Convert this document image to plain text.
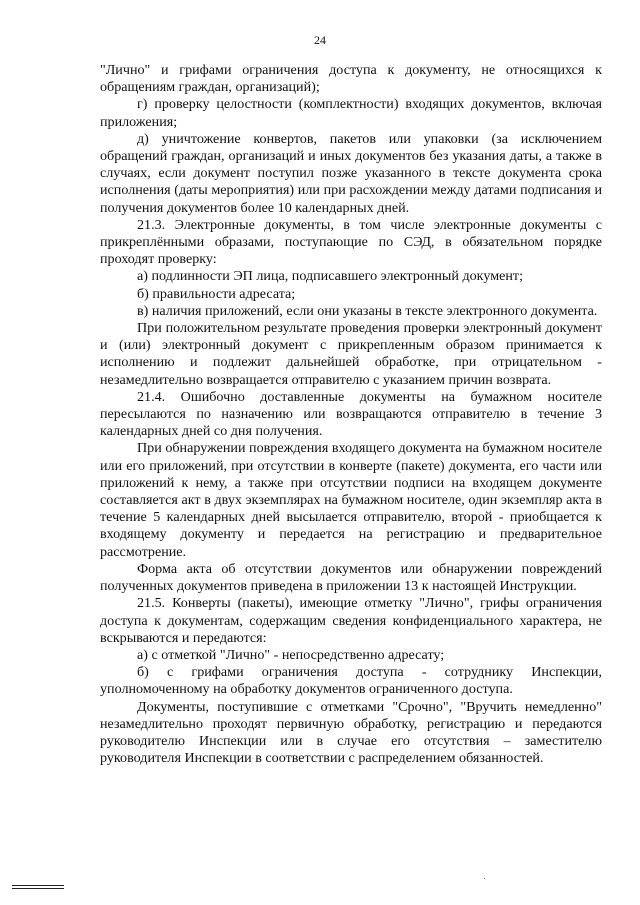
24

"Лично" и грифами ограничения доступа к документу, не относящихся к обращениям граждан, организаций);

г) проверку целостности (комплектности) входящих документов, включая приложения;

д) уничтожение конвертов, пакетов или упаковки (за исключением обращений граждан, организаций и иных документов без указания даты, а также в случаях, если документ поступил позже указанного в тексте документа срока исполнения (даты мероприятия) или при расхождении между датами подписания и получения документов более 10 календарных дней.

21.3. Электронные документы, в том числе электронные документы с прикреплёнными образами, поступающие по СЭД, в обязательном порядке проходят проверку:

а) подлинности ЭП лица, подписавшего электронный документ;

б) правильности адресата;

в) наличия приложений, если они указаны в тексте электронного документа.

При положительном результате проведения проверки электронный документ и (или) электронный документ с прикрепленным образом принимается к исполнению и подлежит дальнейшей обработке, при отрицательном - незамедлительно возвращается отправителю с указанием причин возврата.

21.4. Ошибочно доставленные документы на бумажном носителе пересылаются по назначению или возвращаются отправителю в течение 3 календарных дней со дня получения.

При обнаружении повреждения входящего документа на бумажном носителе или его приложений, при отсутствии в конверте (пакете) документа, его части или приложений к нему, а также при отсутствии подписи на входящем документе составляется акт в двух экземплярах на бумажном носителе, один экземпляр акта в течение 5 календарных дней высылается отправителю, второй - приобщается к входящему документу и передается на регистрацию и предварительное рассмотрение.

Форма акта об отсутствии документов или обнаружении повреждений полученных документов приведена в приложении 13 к настоящей Инструкции.

21.5. Конверты (пакеты), имеющие отметку "Лично", грифы ограничения доступа к документам, содержащим сведения конфиденциального характера, не вскрываются и передаются:

а) с отметкой "Лично" - непосредственно адресату;

б) с грифами ограничения доступа - сотруднику Инспекции, уполномоченному на обработку документов ограниченного доступа.

Документы, поступившие с отметками "Срочно", "Вручить немедленно" незамедлительно проходят первичную обработку, регистрацию и передаются руководителю Инспекции или в случае его отсутствия – заместителю руководителя Инспекции в соответствии с распределением обязанностей.
